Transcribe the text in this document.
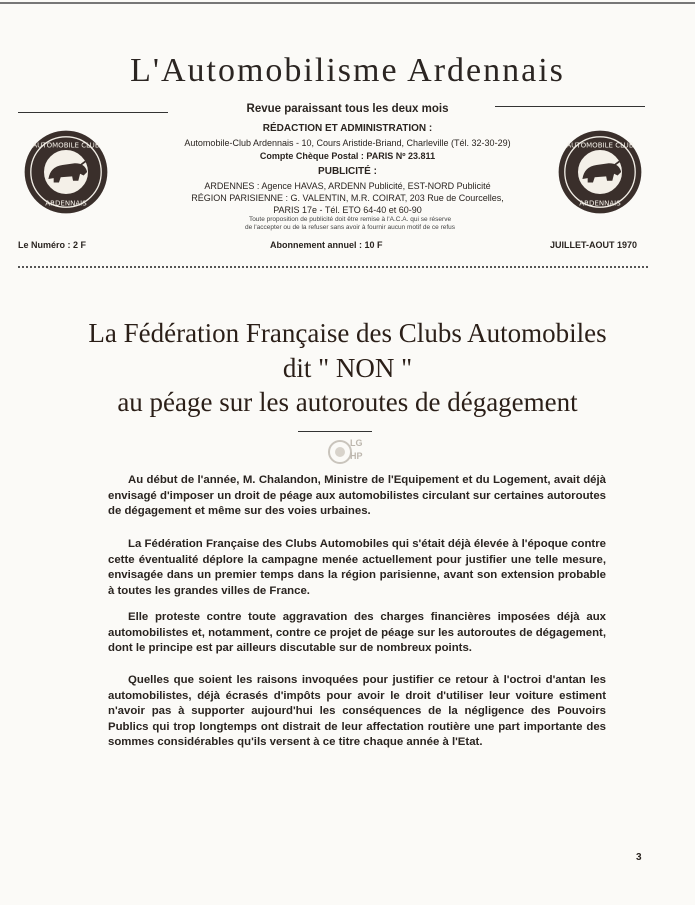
L'Automobilisme Ardennais
Revue paraissant tous les deux mois
RÉDACTION ET ADMINISTRATION :
Automobile-Club Ardennais - 10, Cours Aristide-Briand, Charleville (Tél. 32-30-29)
Compte Chèque Postal : PARIS Nº 23.811
PUBLICITÉ :
ARDENNES : Agence HAVAS, ARDENN Publicité, EST-NORD Publicité
RÉGION PARISIENNE : G. VALENTIN, M.R. COIRAT, 203 Rue de Courcelles,
PARIS 17e - Tél. ETO 64-40 et 60-90
Toute proposition de publicité doit être remise à l'A.C.A. qui se réserve
de l'accepter ou de la refuser sans avoir à fournir aucun motif de ce refus
AUTOMOBILE CLUB
ARDENNAIS
AUTOMOBILE CLUB
ARDENNAIS
Le Numéro : 2 F	Abonnement annuel : 10 F	JUILLET-AOUT 1970
La Fédération Française des Clubs Automobiles
dit " NON "
au péage sur les autoroutes de dégagement
LG HP
Au début de l'année, M. Chalandon, Ministre de l'Equipement et du Logement, avait déjà envisagé d'imposer un droit de péage aux automobilistes circulant sur certaines autoroutes de dégagement et même sur des voies urbaines.
La Fédération Française des Clubs Automobiles qui s'était déjà élevée à l'époque contre cette éventualité déplore la campagne menée actuellement pour justifier une telle mesure, envisagée dans un premier temps dans la région parisienne, avant son extension probable à toutes les grandes villes de France.
Elle proteste contre toute aggravation des charges financières imposées déjà aux automobilistes et, notamment, contre ce projet de péage sur les autoroutes de dégagement, dont le principe est par ailleurs discutable sur de nombreux points.
Quelles que soient les raisons invoquées pour justifier ce retour à l'octroi d'antan les automobilistes, déjà écrasés d'impôts pour avoir le droit d'utiliser leur voiture estiment n'avoir pas à supporter aujourd'hui les conséquences de la négligence des Pouvoirs Publics qui trop longtemps ont distrait de leur affectation routière une part importante des sommes considérables qu'ils versent à ce titre chaque année à l'Etat.
3
